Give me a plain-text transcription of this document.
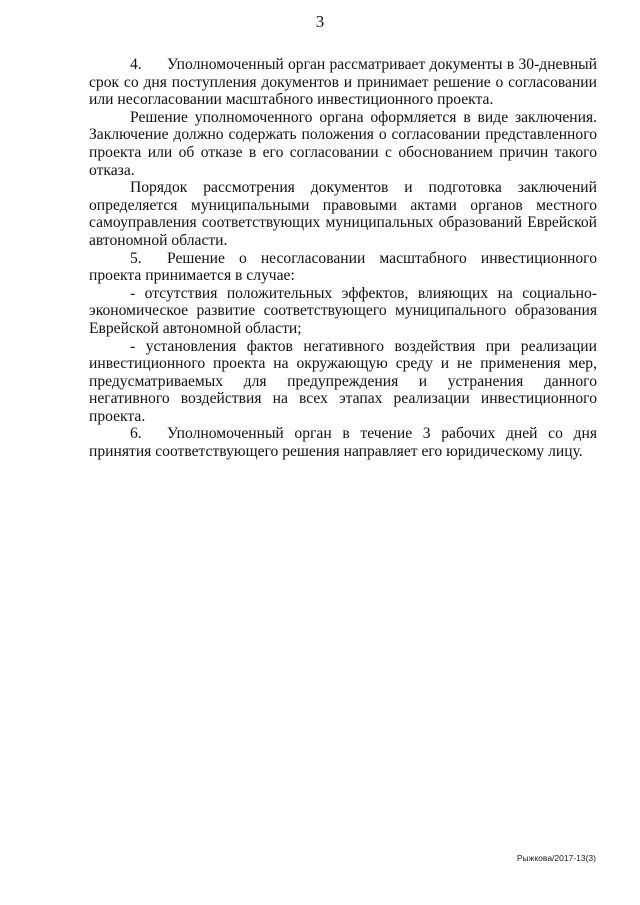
3

4. Уполномоченный орган рассматривает документы в 30-дневный срок со дня поступления документов и принимает решение о согласовании или несогласовании масштабного инвестиционного проекта.

Решение уполномоченного органа оформляется в виде заключения. Заключение должно содержать положения о согласовании представленного проекта или об отказе в его согласовании с обоснованием причин такого отказа.

Порядок рассмотрения документов и подготовка заключений определяется муниципальными правовыми актами органов местного самоуправления соответствующих муниципальных образований Еврейской автономной области.

5. Решение о несогласовании масштабного инвестиционного проекта принимается в случае:

- отсутствия положительных эффектов, влияющих на социально-экономическое развитие соответствующего муниципального образования Еврейской автономной области;

- установления фактов негативного воздействия при реализации инвестиционного проекта на окружающую среду и не применения мер, предусматриваемых для предупреждения и устранения данного негативного воздействия на всех этапах реализации инвестиционного проекта.

6. Уполномоченный орган в течение 3 рабочих дней со дня принятия соответствующего решения направляет его юридическому лицу.

Рыжкова/2017-13(3)
